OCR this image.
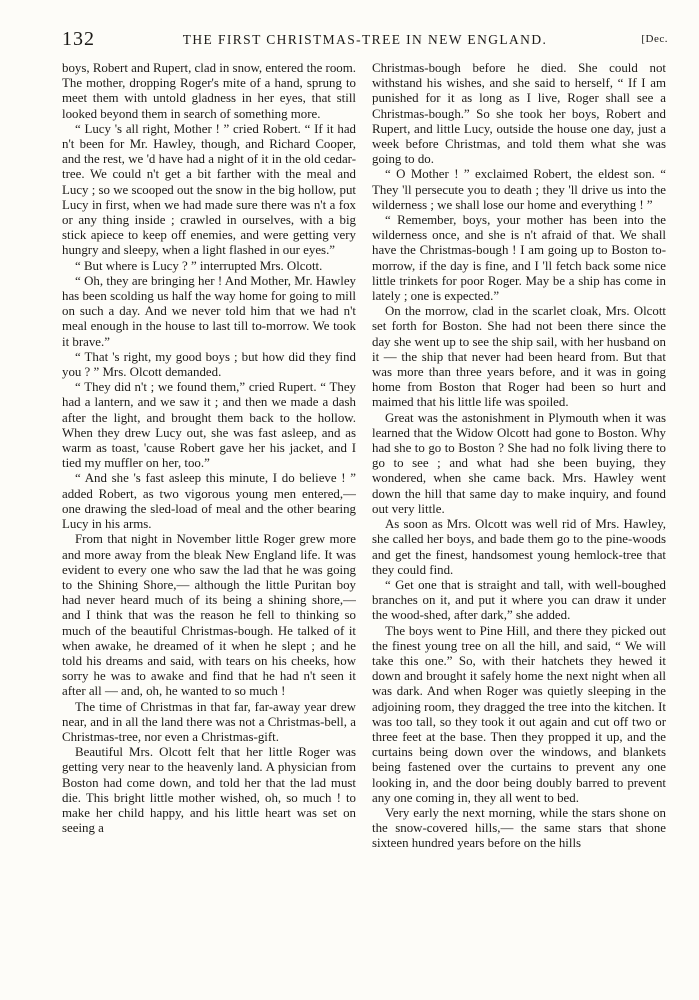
132	THE FIRST CHRISTMAS-TREE IN NEW ENGLAND.	[Dec.

boys, Robert and Rupert, clad in snow, entered the room. The mother, dropping Roger's mite of a hand, sprung to meet them with untold gladness in her eyes, that still looked beyond them in search of something more.

“ Lucy 's all right, Mother ! ” cried Robert. “ If it had n't been for Mr. Hawley, though, and Richard Cooper, and the rest, we 'd have had a night of it in the old cedar-tree. We could n't get a bit farther with the meal and Lucy ; so we scooped out the snow in the big hollow, put Lucy in first, when we had made sure there was n't a fox or any thing inside ; crawled in ourselves, with a big stick apiece to keep off enemies, and were getting very hungry and sleepy, when a light flashed in our eyes.”

“ But where is Lucy ? ” interrupted Mrs. Olcott.

“ Oh, they are bringing her ! And Mother, Mr. Hawley has been scolding us half the way home for going to mill on such a day. And we never told him that we had n't meal enough in the house to last till to-morrow. We took it brave.”

“ That 's right, my good boys ; but how did they find you ? ” Mrs. Olcott demanded.

“ They did n't ; we found them,” cried Rupert. “ They had a lantern, and we saw it ; and then we made a dash after the light, and brought them back to the hollow. When they drew Lucy out, she was fast asleep, and as warm as toast, 'cause Robert gave her his jacket, and I tied my muffler on her, too.”

“ And she 's fast asleep this minute, I do believe ! ” added Robert, as two vigorous young men entered,— one drawing the sled-load of meal and the other bearing Lucy in his arms.

From that night in November little Roger grew more and more away from the bleak New England life. It was evident to every one who saw the lad that he was going to the Shining Shore,— although the little Puritan boy had never heard much of its being a shining shore,— and I think that was the reason he fell to thinking so much of the beautiful Christmas-bough. He talked of it when awake, he dreamed of it when he slept ; and he told his dreams and said, with tears on his cheeks, how sorry he was to awake and find that he had n't seen it after all — and, oh, he wanted to so much !

The time of Christmas in that far, far-away year drew near, and in all the land there was not a Christmas-bell, a Christmas-tree, nor even a Christmas-gift.

Beautiful Mrs. Olcott felt that her little Roger was getting very near to the heavenly land. A physician from Boston had come down, and told her that the lad must die. This bright little mother wished, oh, so much ! to make her child happy, and his little heart was set on seeing a

Christmas-bough before he died. She could not withstand his wishes, and she said to herself, “ If I am punished for it as long as I live, Roger shall see a Christmas-bough.” So she took her boys, Robert and Rupert, and little Lucy, outside the house one day, just a week before Christmas, and told them what she was going to do.

“ O Mother ! ” exclaimed Robert, the eldest son. “ They 'll persecute you to death ; they 'll drive us into the wilderness ; we shall lose our home and everything ! ”

“ Remember, boys, your mother has been into the wilderness once, and she is n't afraid of that. We shall have the Christmas-bough ! I am going up to Boston to-morrow, if the day is fine, and I 'll fetch back some nice little trinkets for poor Roger. May be a ship has come in lately ; one is expected.”

On the morrow, clad in the scarlet cloak, Mrs. Olcott set forth for Boston. She had not been there since the day she went up to see the ship sail, with her husband on it — the ship that never had been heard from. But that was more than three years before, and it was in going home from Boston that Roger had been so hurt and maimed that his little life was spoiled.

Great was the astonishment in Plymouth when it was learned that the Widow Olcott had gone to Boston. Why had she to go to Boston ? She had no folk living there to go to see ; and what had she been buying, they wondered, when she came back. Mrs. Hawley went down the hill that same day to make inquiry, and found out very little.

As soon as Mrs. Olcott was well rid of Mrs. Hawley, she called her boys, and bade them go to the pine-woods and get the finest, handsomest young hemlock-tree that they could find.

“ Get one that is straight and tall, with well-boughed branches on it, and put it where you can draw it under the wood-shed, after dark,” she added.

The boys went to Pine Hill, and there they picked out the finest young tree on all the hill, and said, “ We will take this one.” So, with their hatchets they hewed it down and brought it safely home the next night when all was dark. And when Roger was quietly sleeping in the adjoining room, they dragged the tree into the kitchen. It was too tall, so they took it out again and cut off two or three feet at the base. Then they propped it up, and the curtains being down over the windows, and blankets being fastened over the curtains to prevent any one looking in, and the door being doubly barred to prevent any one coming in, they all went to bed.

Very early the next morning, while the stars shone on the snow-covered hills,— the same stars that shone sixteen hundred years before on the hills
